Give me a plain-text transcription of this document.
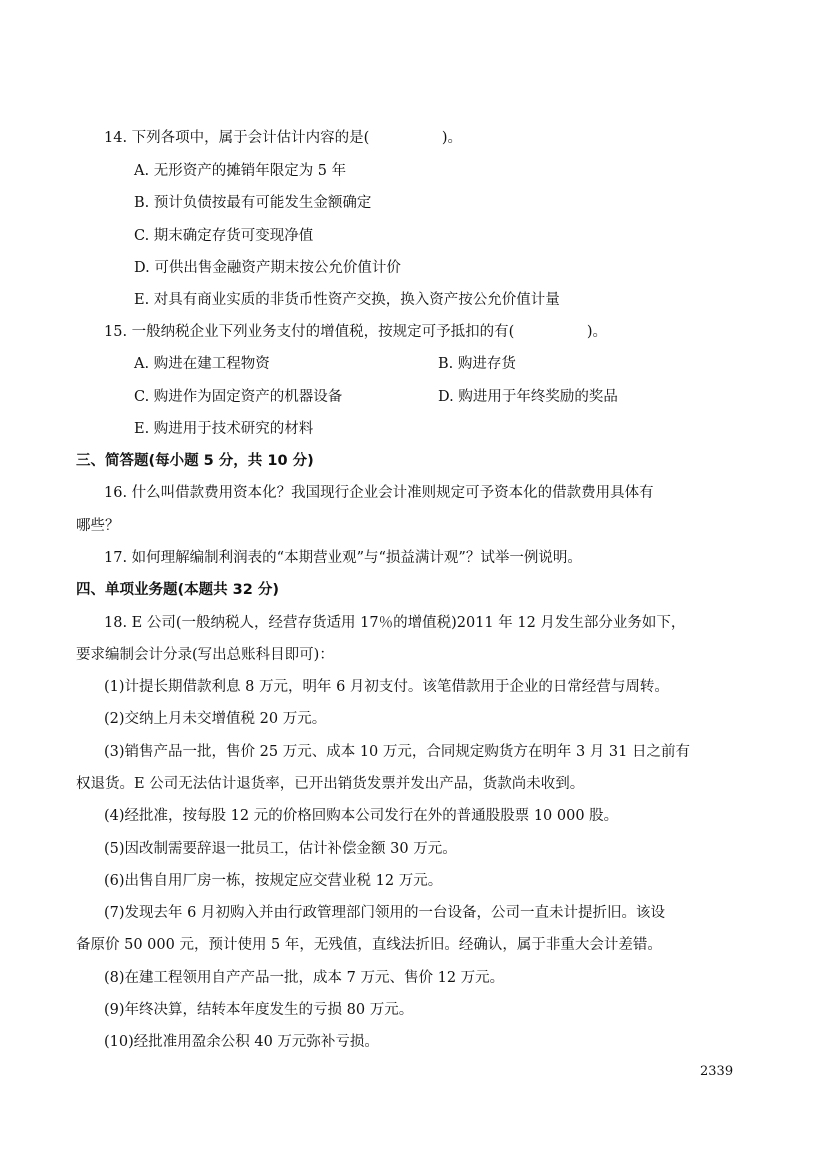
14. 下列各项中，属于会计估计内容的是(　　　　　)。
A. 无形资产的摊销年限定为 5 年
B. 预计负债按最有可能发生金额确定
C. 期末确定存货可变现净值
D. 可供出售金融资产期末按公允价值计价
E. 对具有商业实质的非货币性资产交换，换入资产按公允价值计量
15. 一般纳税企业下列业务支付的增值税，按规定可予抵扣的有(　　　　　)。
A. 购进在建工程物资	B. 购进存货
C. 购进作为固定资产的机器设备	D. 购进用于年终奖励的奖品
E. 购进用于技术研究的材料
三、简答题(每小题 5 分，共 10 分)
16. 什么叫借款费用资本化？我国现行企业会计准则规定可予资本化的借款费用具体有
哪些？
17. 如何理解编制利润表的“本期营业观”与“损益满计观”？试举一例说明。
四、单项业务题(本题共 32 分)
18. E 公司(一般纳税人，经营存货适用 17％的增值税)2011 年 12 月发生部分业务如下，
要求编制会计分录(写出总账科目即可)：
(1)计提长期借款利息 8 万元，明年 6 月初支付。该笔借款用于企业的日常经营与周转。
(2)交纳上月未交增值税 20 万元。
(3)销售产品一批，售价 25 万元、成本 10 万元，合同规定购货方在明年 3 月 31 日之前有
权退货。E 公司无法估计退货率，已开出销货发票并发出产品，货款尚未收到。
(4)经批准，按每股 12 元的价格回购本公司发行在外的普通股股票 10 000 股。
(5)因改制需要辞退一批员工，估计补偿金额 30 万元。
(6)出售自用厂房一栋，按规定应交营业税 12 万元。
(7)发现去年 6 月初购入并由行政管理部门领用的一台设备，公司一直未计提折旧。该设
备原价 50 000 元，预计使用 5 年，无残值，直线法折旧。经确认，属于非重大会计差错。
(8)在建工程领用自产产品一批，成本 7 万元、售价 12 万元。
(9)年终决算，结转本年度发生的亏损 80 万元。
(10)经批准用盈余公积 40 万元弥补亏损。
2339
